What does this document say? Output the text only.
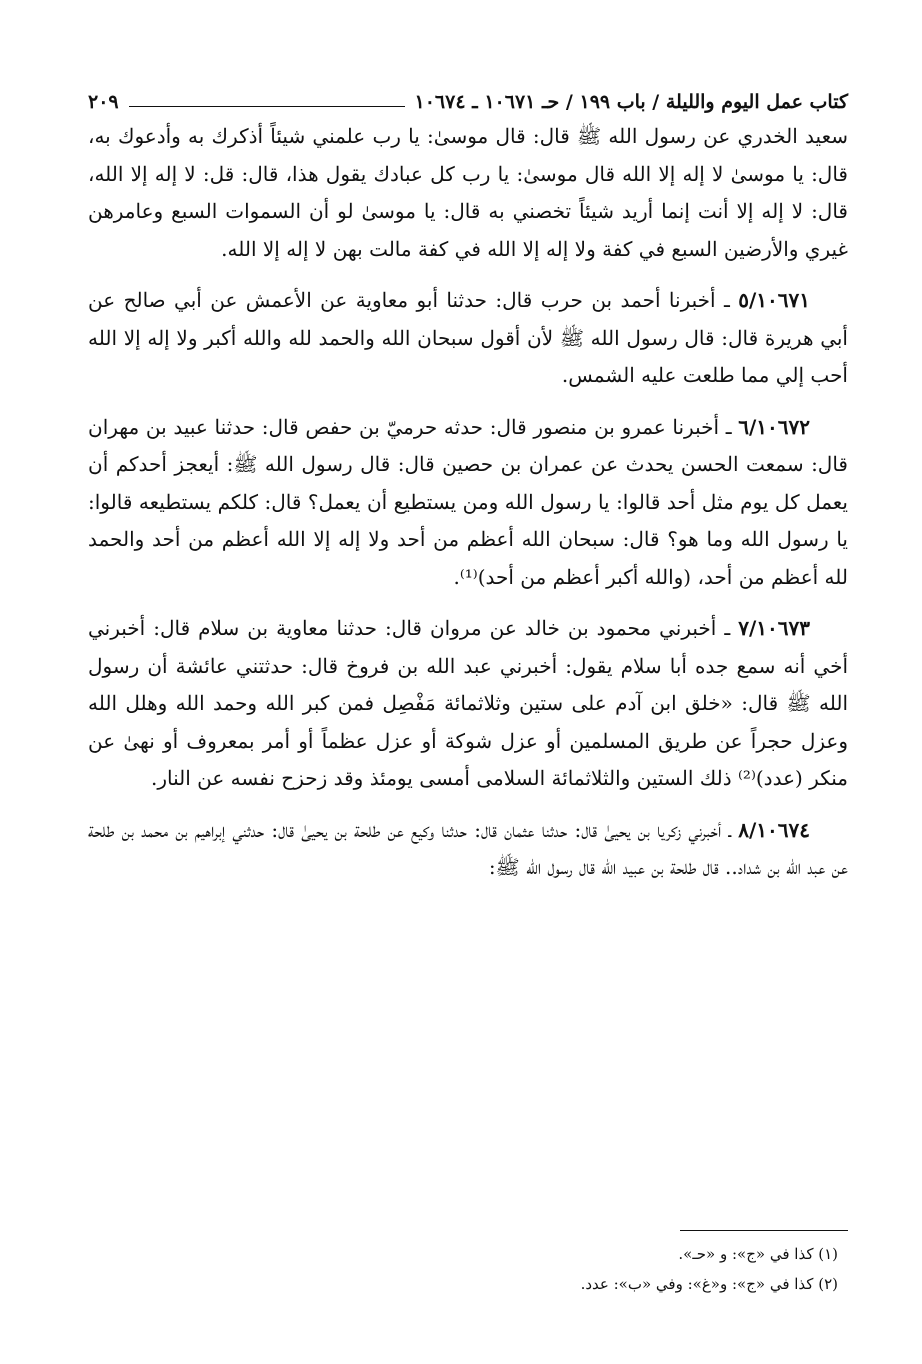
كتاب عمل اليوم والليلة / باب ١٩٩ / حـ ١٠٦٧١ ـ ١٠٦٧٤
٢٠٩

سعيد الخدري عن رسول الله ﷺ قال: قال موسىٰ: يا رب علمني شيئاً أذكرك به وأدعوك به، قال: يا موسىٰ لا إله إلا الله قال موسىٰ: يا رب كل عبادك يقول هذا، قال: قل: لا إله إلا الله، قال: لا إله إلا أنت إنما أريد شيئاً تخصني به قال: يا موسىٰ لو أن السموات السبع وعامرهن غيري والأرضين السبع في كفة ولا إله إلا الله في كفة مالت بهن لا إله إلا الله.

٥/١٠٦٧١ ـ أخبرنا أحمد بن حرب قال: حدثنا أبو معاوية عن الأعمش عن أبي صالح عن أبي هريرة قال: قال رسول الله ﷺ لأن أقول سبحان الله والحمد لله والله أكبر ولا إله إلا الله أحب إلي مما طلعت عليه الشمس.

٦/١٠٦٧٢ ـ أخبرنا عمرو بن منصور قال: حدثه حرميّ بن حفص قال: حدثنا عبيد بن مهران قال: سمعت الحسن يحدث عن عمران بن حصين قال: قال رسول الله ﷺ: أيعجز أحدكم أن يعمل كل يوم مثل أحد قالوا: يا رسول الله ومن يستطيع أن يعمل؟ قال: كلكم يستطيعه قالوا: يا رسول الله وما هو؟ قال: سبحان الله أعظم من أحد ولا إله إلا الله أعظم من أحد والحمد لله أعظم من أحد، (والله أكبر أعظم من أحد)⁽¹⁾.

٧/١٠٦٧٣ ـ أخبرني محمود بن خالد عن مروان قال: حدثنا معاوية بن سلام قال: أخبرني أخي أنه سمع جده أبا سلام يقول: أخبرني عبد الله بن فروخ قال: حدثتني عائشة أن رسول الله ﷺ قال: «خلق ابن آدم على ستين وثلاثمائة مَفْصِل فمن كبر الله وحمد الله وهلل الله وعزل حجراً عن طريق المسلمين أو عزل شوكة أو عزل عظماً أو أمر بمعروف أو نهىٰ عن منكر (عدد)⁽²⁾ ذلك الستين والثلاثمائة السلامى أمسى يومئذ وقد زحزح نفسه عن النار.

٨/١٠٦٧٤ ـ أخبرني زكريا بن يحيىٰ قال: حدثنا عثمان قال: حدثنا وكيع عن طلحة بن يحيىٰ قال: حدثني إبراهيم بن محمد بن طلحة عن عبد الله بن شداد.. قال طلحة بن عبيد الله قال رسول الله ﷺ:

(١) كذا في «ج»: و «حـ».

(٢) كذا في «ج»: و«غ»: وفي «ب»: عدد.
